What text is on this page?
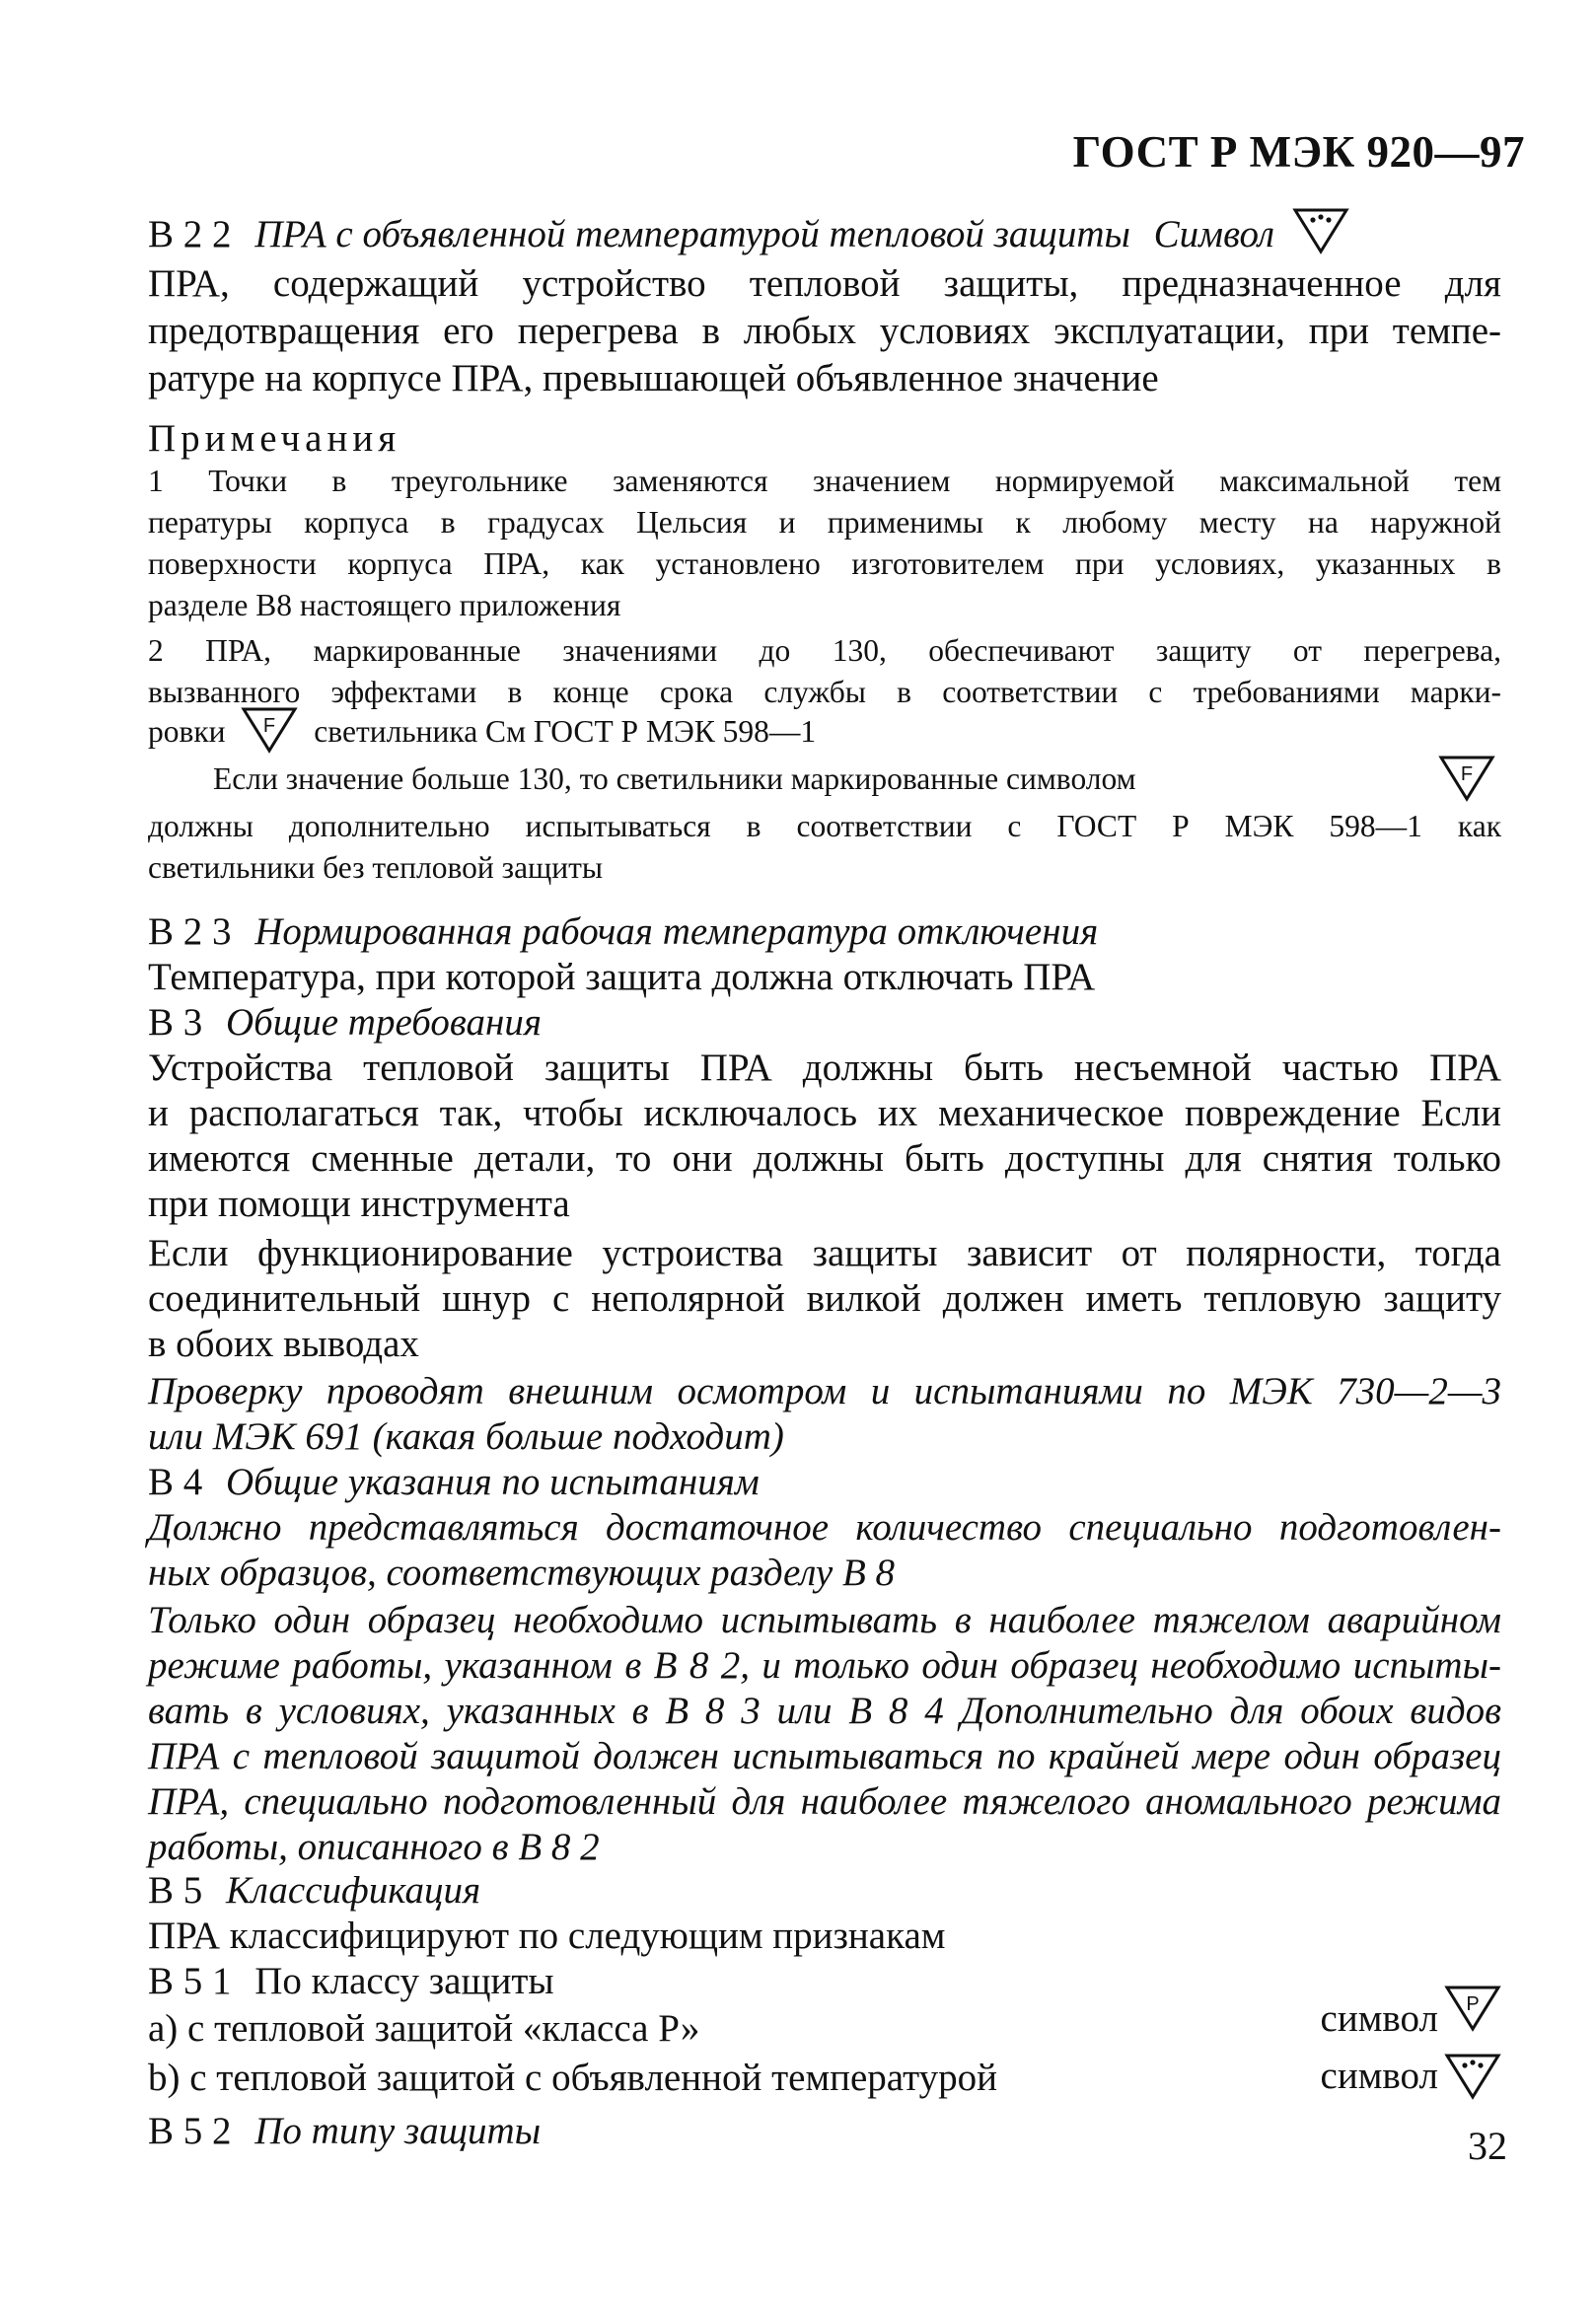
ГОСТ Р МЭК 920—97
В 2 2 ПРА с объявленной температурой тепловой защиты Символ
ПРА, содержащий устройство тепловой защиты, предназначенное для
предотвращения его перегрева в любых условиях эксплуатации, при темпе-
ратуре на корпусе ПРА, превышающей объявленное значение
Примечания
1 Точки в треугольнике заменяются значением нормируемой максимальной тем
пературы корпуса в градусах Цельсия и применимы к любому месту на наружной
поверхности корпуса ПРА, как установлено изготовителем при условиях, указанных в
разделе В8 настоящего приложения
2 ПРА, маркированные значениями до 130, обеспечивают защиту от перегрева,
вызванного эффектами в конце срока службы в соответствии с требованиями марки-
ровки F светильника См ГОСТ Р МЭК 598—1
Если значение больше 130, то светильники маркированные символом	F
должны дополнительно испытываться в соответствии с ГОСТ Р МЭК 598—1 как
светильники без тепловой защиты
В 2 3 Нормированная рабочая температура отключения
Температура, при которой защита должна отключать ПРА
В 3 Общие требования
Устройства тепловой защиты ПРА должны быть несъемной частью ПРА
и располагаться так, чтобы исключалось их механическое повреждение Если
имеются сменные детали, то они должны быть доступны для снятия только
при помощи инструмента
Если функционирование устроиства защиты зависит от полярности, тогда
соединительный шнур с неполярной вилкой должен иметь тепловую защиту
в обоих выводах
Проверку проводят внешним осмотром и испытаниями по МЭК 730—2—3
или МЭК 691 (какая больше подходит)
В 4 Общие указания по испытаниям
Должно представляться достаточное количество специально подготовлен-
ных образцов, соответствующих разделу В 8
Только один образец необходимо испытывать в наиболее тяжелом аварийном
режиме работы, указанном в В 8 2, и только один образец необходимо испыты-
вать в условиях, указанных в В 8 3 или В 8 4 Дополнительно для обоих видов
ПРА с тепловой защитой должен испытываться по крайней мере один образец
ПРА, специально подготовленный для наиболее тяжелого аномального режима
работы, описанного в В 8 2
В 5 Классификация
ПРА классифицируют по следующим признакам
В 5 1 По классу защиты
а) с тепловой защитой «класса Р»	символ P
b) с тепловой защитой с объявленной температурой	символ
В 5 2 По типу защиты	32
